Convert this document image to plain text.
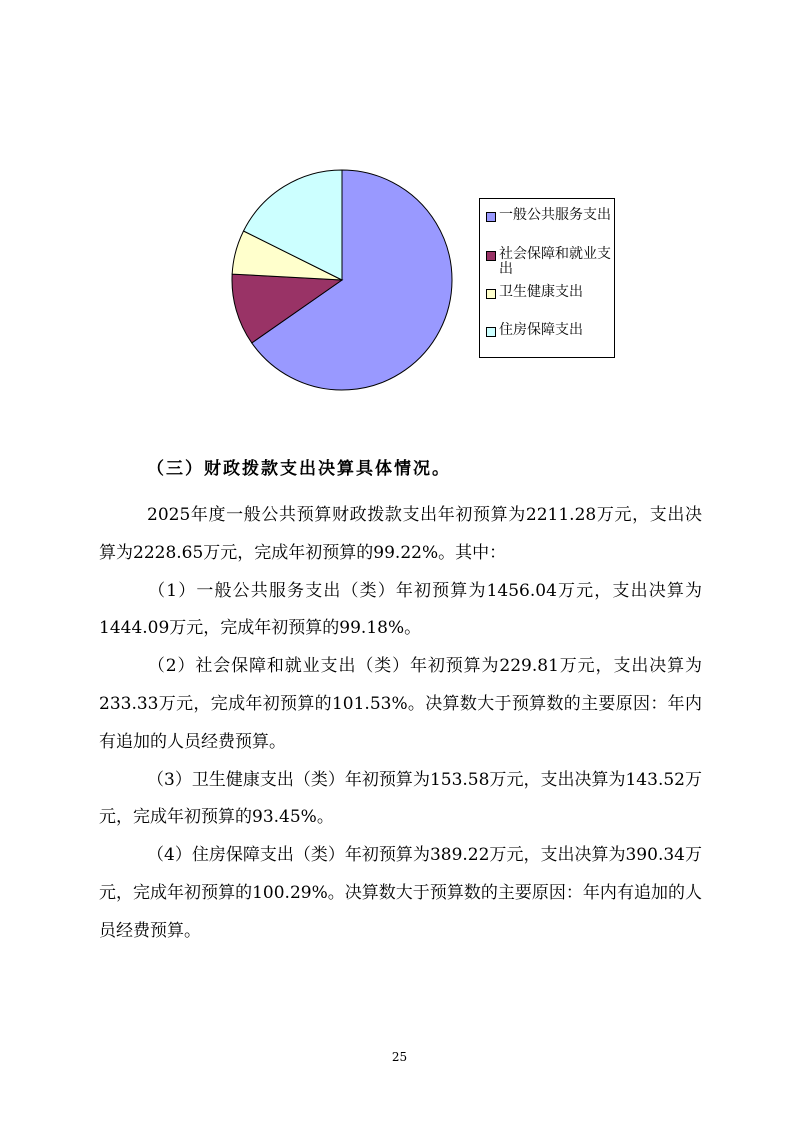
一般公共服务支出
社会保障和就业支出
卫生健康支出
住房保障支出
（三）财政拨款支出决算具体情况。

2025年度一般公共预算财政拨款支出年初预算为2211.28万元，支出决算为2228.65万元，完成年初预算的99.22%。其中：

（1）一般公共服务支出（类）年初预算为1456.04万元，支出决算为1444.09万元，完成年初预算的99.18%。

（2）社会保障和就业支出（类）年初预算为229.81万元，支出决算为233.33万元，完成年初预算的101.53%。决算数大于预算数的主要原因：年内有追加的人员经费预算。

（3）卫生健康支出（类）年初预算为153.58万元，支出决算为143.52万元，完成年初预算的93.45%。

（4）住房保障支出（类）年初预算为389.22万元，支出决算为390.34万元，完成年初预算的100.29%。决算数大于预算数的主要原因：年内有追加的人员经费预算。

25
